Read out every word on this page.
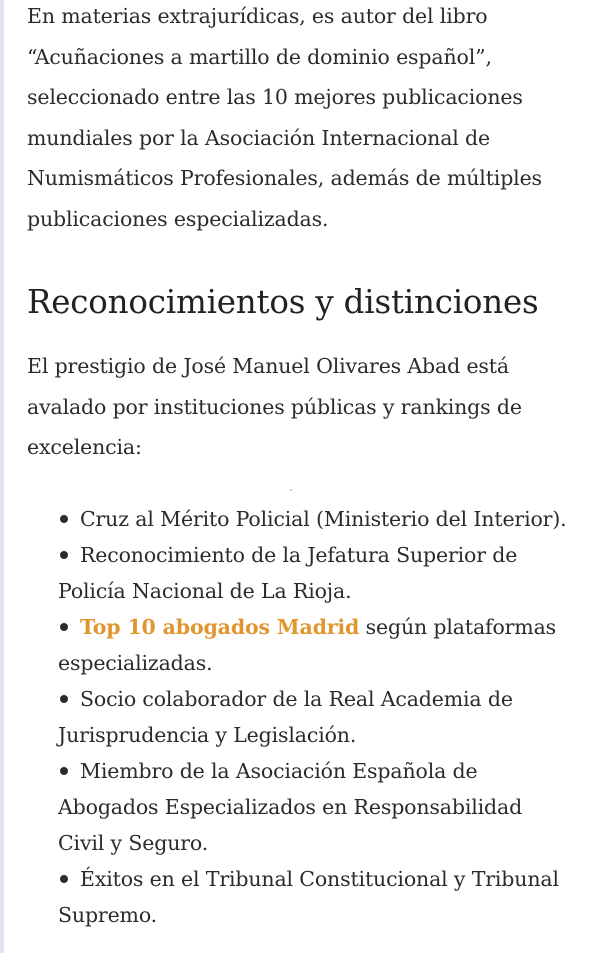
En materias extrajurídicas, es autor del libro
“Acuñaciones a martillo de dominio español”,
seleccionado entre las 10 mejores publicaciones
mundiales por la Asociación Internacional de
Numismáticos Profesionales, además de múltiples
publicaciones especializadas.

Reconocimientos y distinciones

El prestigio de José Manuel Olivares Abad está
avalado por instituciones públicas y rankings de
excelencia:

Cruz al Mérito Policial (Ministerio del Interior).
Reconocimiento de la Jefatura Superior de
Policía Nacional de La Rioja.
Top 10 abogados Madrid según plataformas
especializadas.
Socio colaborador de la Real Academia de
Jurisprudencia y Legislación.
Miembro de la Asociación Española de
Abogados Especializados en Responsabilidad
Civil y Seguro.
Éxitos en el Tribunal Constitucional y Tribunal
Supremo.
